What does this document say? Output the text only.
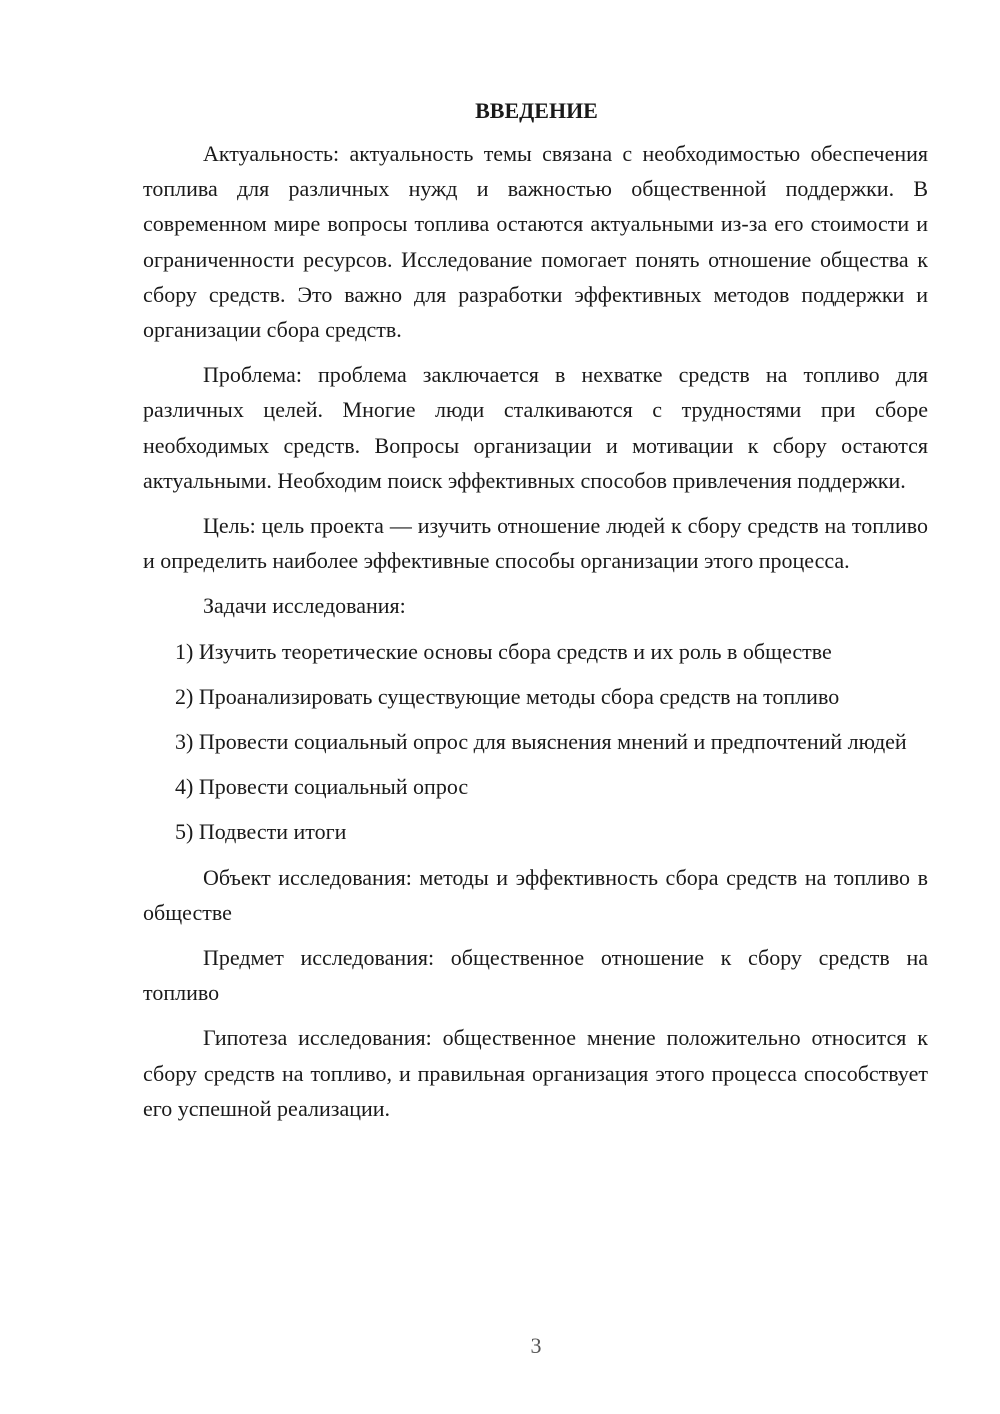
ВВЕДЕНИЕ

Актуальность: актуальность темы связана с необходимостью обеспечения топлива для различных нужд и важностью общественной поддержки. В современном мире вопросы топлива остаются актуальными из-за его стоимости и ограниченности ресурсов. Исследование помогает понять отношение общества к сбору средств. Это важно для разработки эффективных методов поддержки и организации сбора средств.

Проблема: проблема заключается в нехватке средств на топливо для различных целей. Многие люди сталкиваются с трудностями при сборе необходимых средств. Вопросы организации и мотивации к сбору остаются актуальными. Необходим поиск эффективных способов привлечения поддержки.

Цель: цель проекта — изучить отношение людей к сбору средств на топливо и определить наиболее эффективные способы организации этого процесса.

Задачи исследования:

1) Изучить теоретические основы сбора средств и их роль в обществе

2) Проанализировать существующие методы сбора средств на топливо

3) Провести социальный опрос для выяснения мнений и предпочтений людей

4) Провести социальный опрос

5) Подвести итоги

Объект исследования: методы и эффективность сбора средств на топливо в обществе

Предмет исследования: общественное отношение к сбору средств на топливо

Гипотеза исследования: общественное мнение положительно относится к сбору средств на топливо, и правильная организация этого процесса способствует его успешной реализации.

3
